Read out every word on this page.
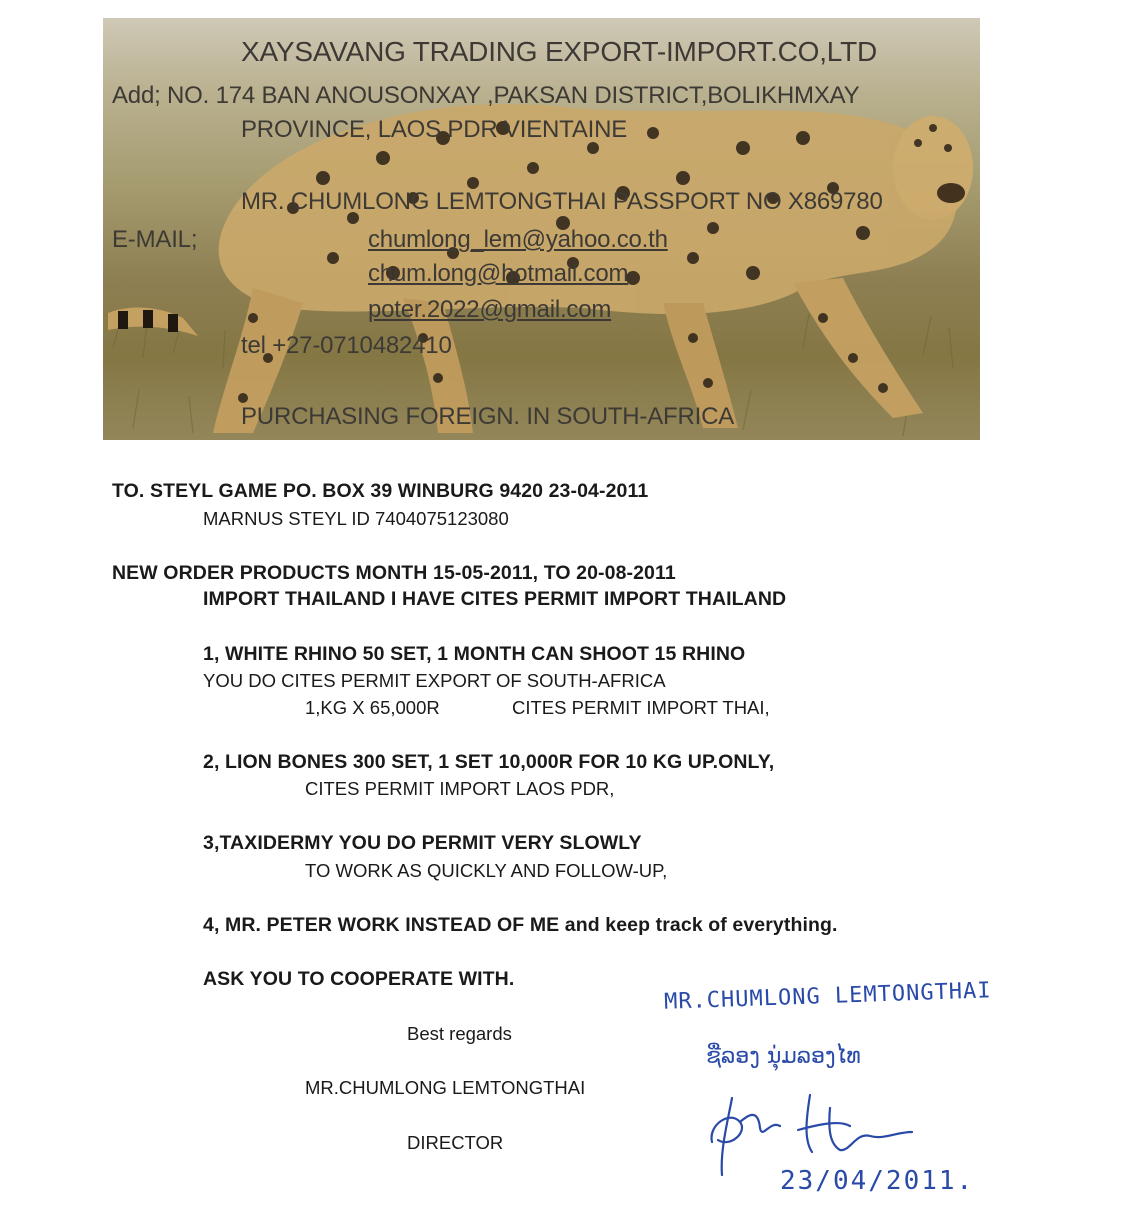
XAYSAVANG TRADING EXPORT-IMPORT.CO,LTD
Add; NO. 174 BAN ANOUSONXAY ,PAKSAN DISTRICT,BOLIKHMXAY
PROVINCE, LAOS PDR VIENTAINE
MR. CHUMLONG LEMTONGTHAI PASSPORT NO X869780
E-MAIL;	chumlong_lem@yahoo.co.th
chum.long@hotmail.com
poter.2022@gmail.com
tel +27-0710482410
PURCHASING FOREIGN. IN SOUTH-AFRICA
TO. STEYL GAME PO. BOX 39 WINBURG 9420 23-04-2011
MARNUS STEYL ID 7404075123080
NEW ORDER PRODUCTS MONTH 15-05-2011, TO 20-08-2011
IMPORT THAILAND I HAVE CITES PERMIT IMPORT THAILAND
1, WHITE RHINO 50 SET, 1 MONTH CAN SHOOT 15 RHINO
YOU DO CITES PERMIT EXPORT OF SOUTH-AFRICA
1,KG X 65,000R	CITES PERMIT IMPORT THAI,
2, LION BONES 300 SET, 1 SET 10,000R FOR 10 KG UP.ONLY,
CITES PERMIT IMPORT LAOS PDR,
3,TAXIDERMY YOU DO PERMIT VERY SLOWLY
TO WORK AS QUICKLY AND FOLLOW-UP,
4, MR. PETER WORK INSTEAD OF ME and keep track of everything.
ASK YOU TO COOPERATE WITH.
Best regards
MR.CHUMLONG LEMTONGTHAI
DIRECTOR
MR.CHUMLONG LEMTONGTHAI
ຊື່ລອງ ນຸ່ມລອງໄທ
23/04/2011.
